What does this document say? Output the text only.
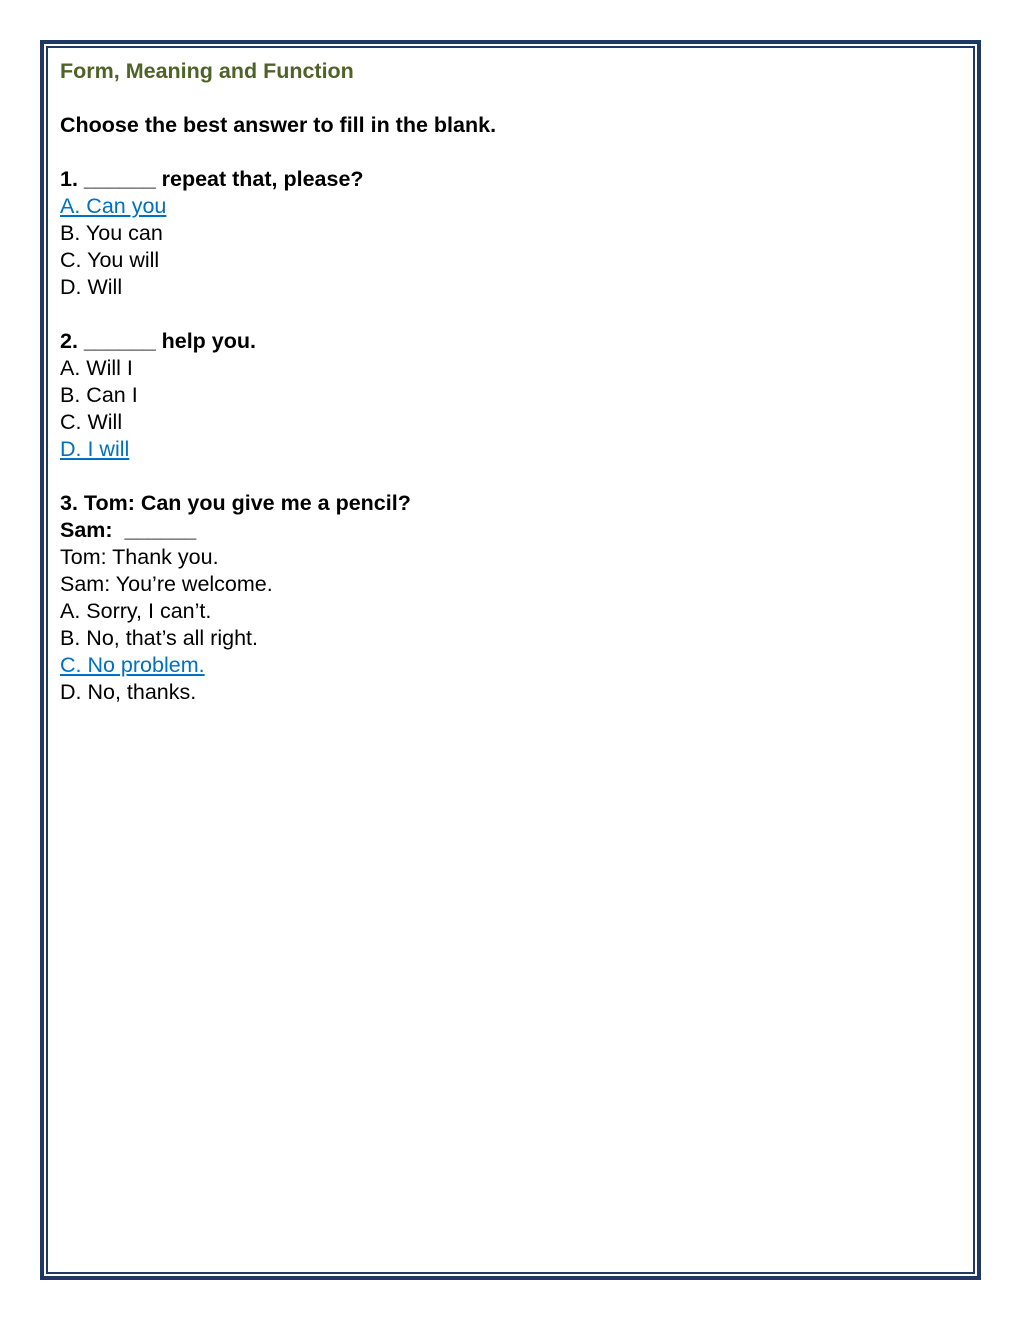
Form, Meaning and Function

Choose the best answer to fill in the blank.

1. ______ repeat that, please?

A. Can you
B. You can
C. You will
D. Will

2. ______ help you.

A. Will I
B. Can I
C. Will
D. I will

3. Tom: Can you give me a pencil?

Sam:  ______

Tom: Thank you.

Sam: You’re welcome.

A. Sorry, I can’t.
B. No, that’s all right.
C. No problem.
D. No, thanks.
